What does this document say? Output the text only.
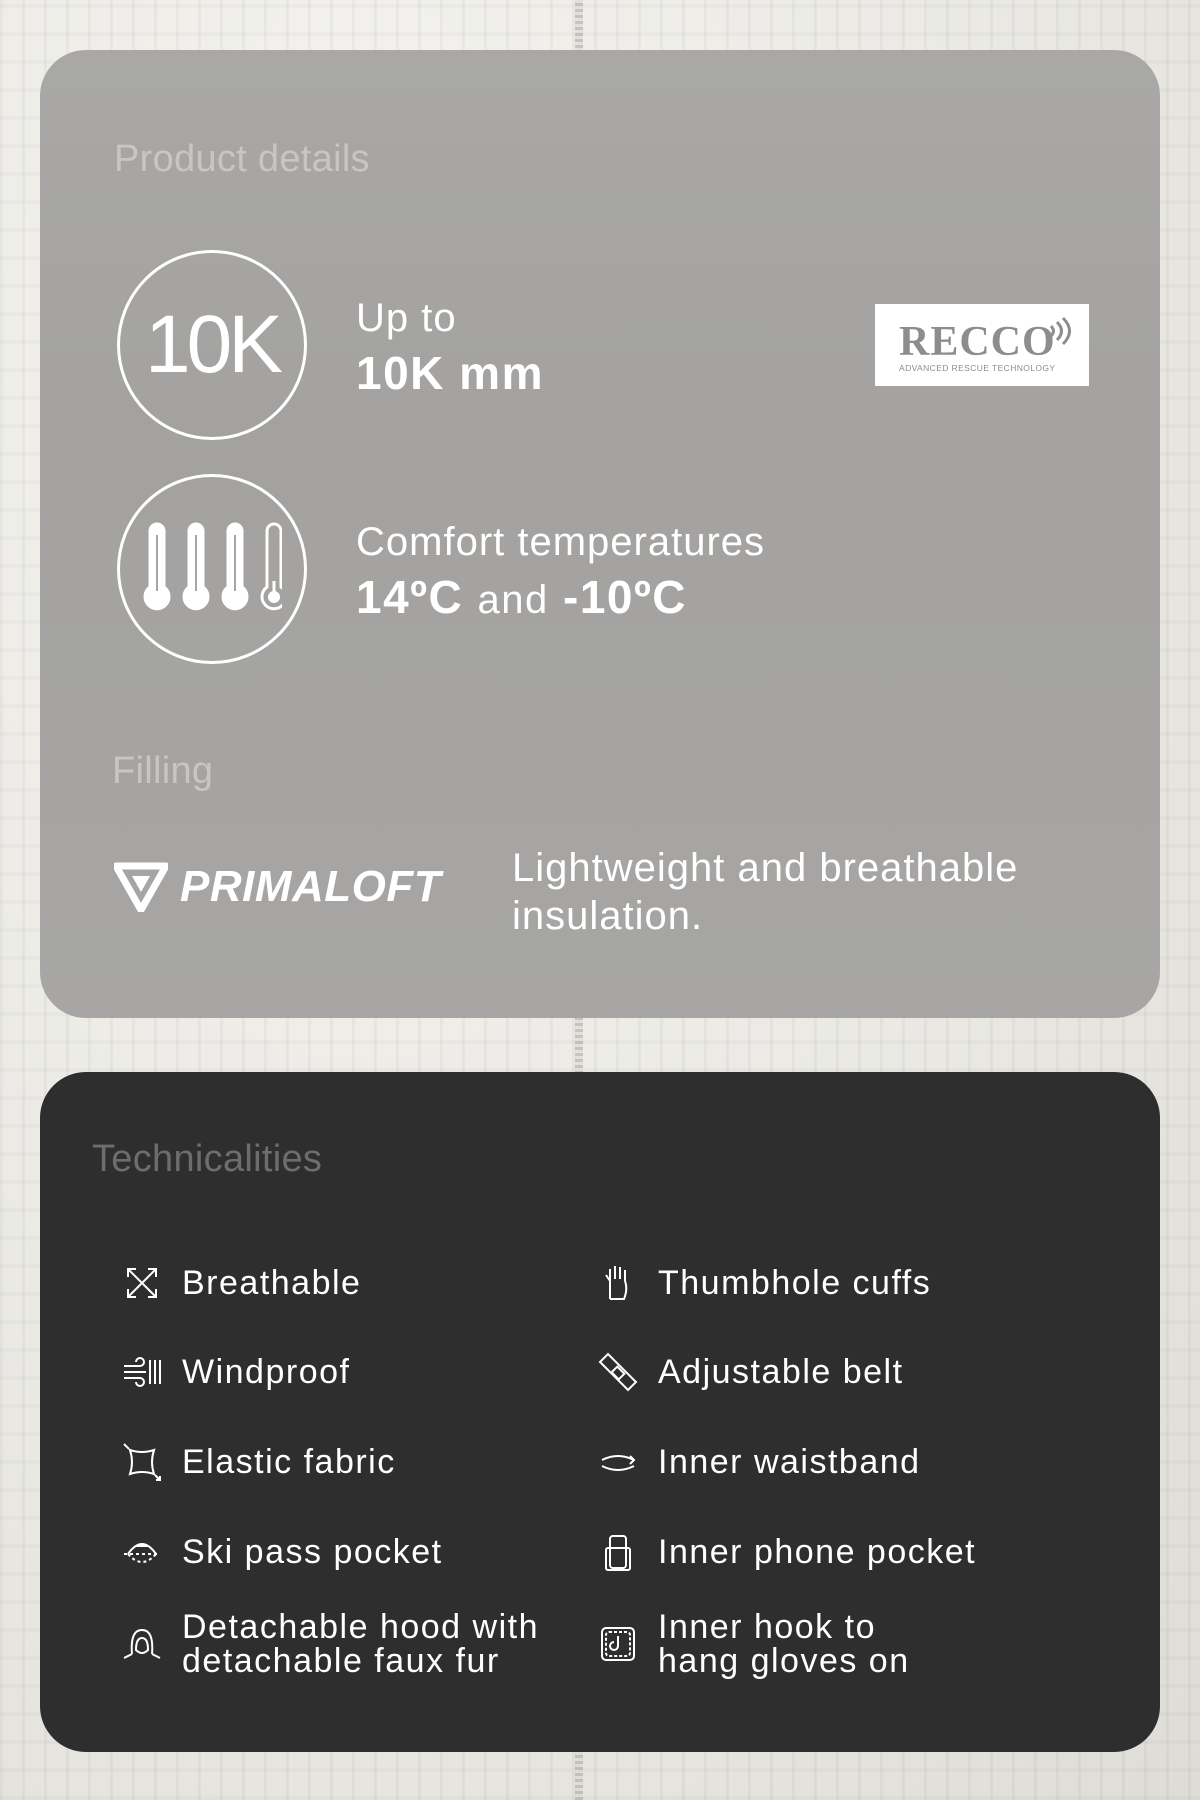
Product details
10K	Up to
10K mm
RECCO
ADVANCED RESCUE TECHNOLOGY
Comfort temperatures
14ºC and -10ºC
Filling
PRIMALOFT Lightweight and breathable insulation.
Technicalities
Breathable
Windproof
Elastic fabric
Ski pass pocket
Detachable hood with
detachable faux fur
Thumbhole cuffs
Adjustable belt
Inner waistband
Inner phone pocket
Inner hook to
hang gloves on
